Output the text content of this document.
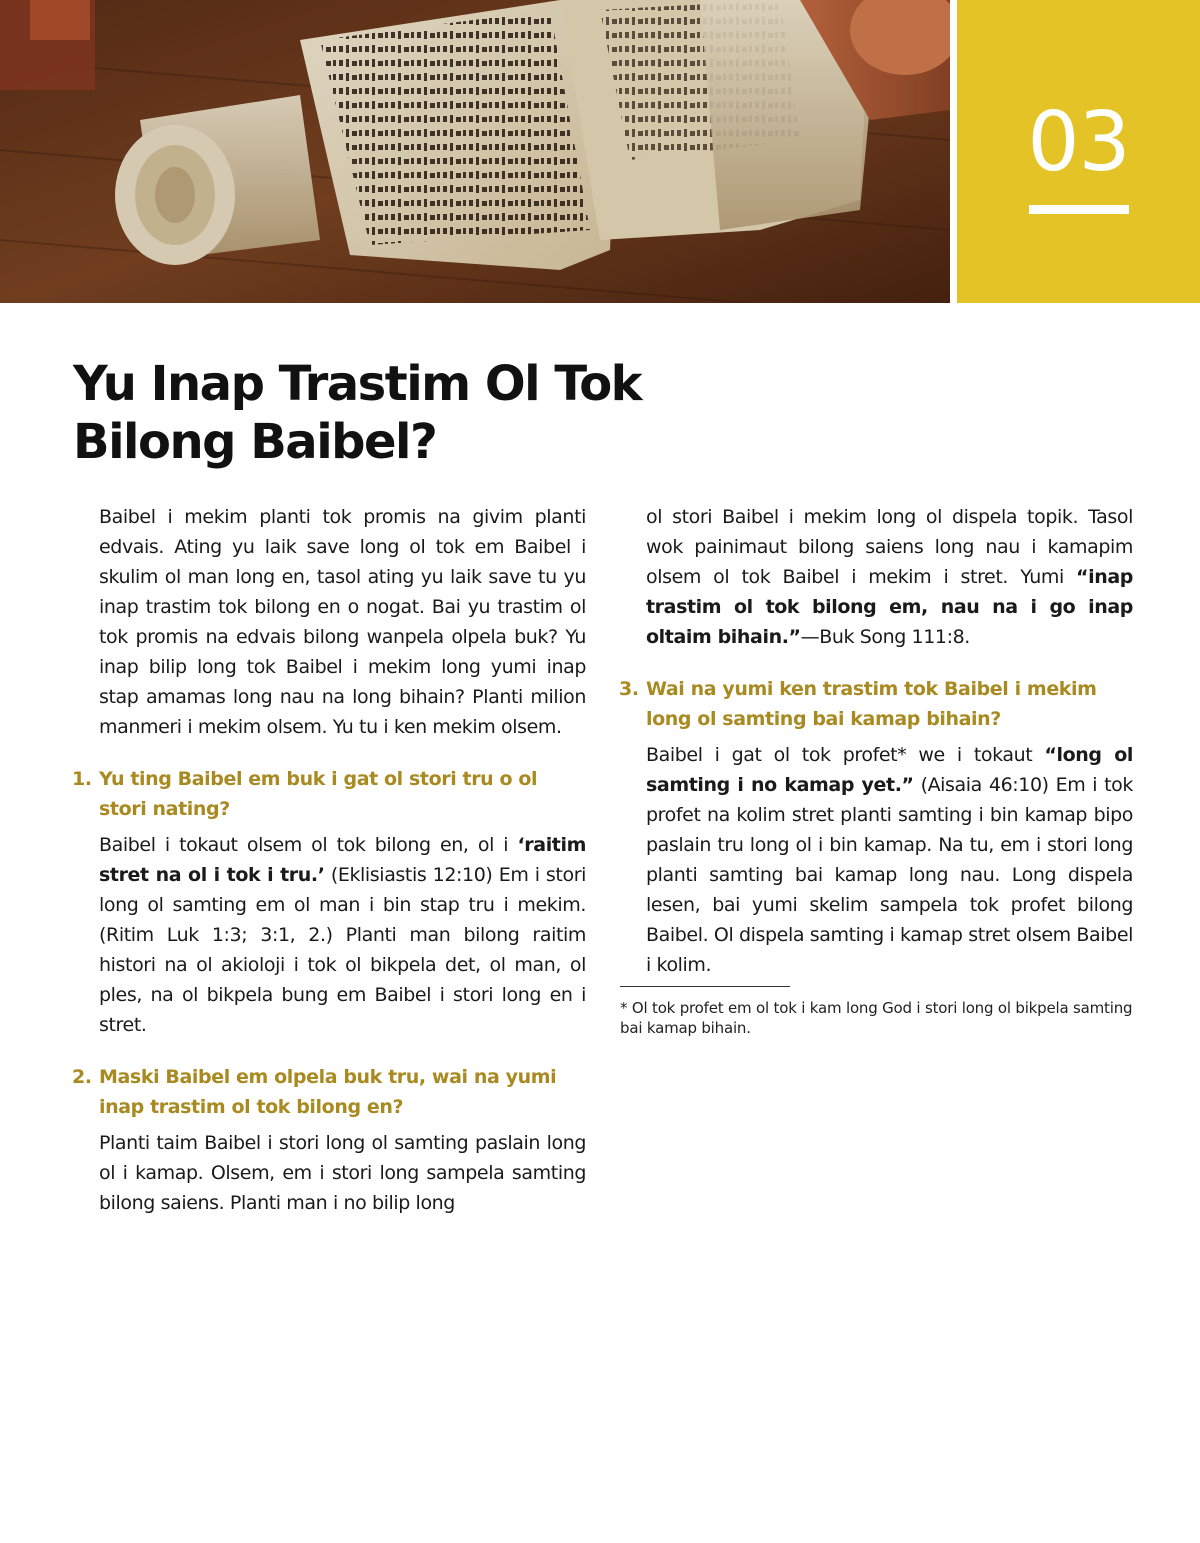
03
Yu Inap Trastim Ol Tok Bilong Baibel?

Baibel i mekim planti tok promis na givim planti edvais. Ating yu laik save long ol tok em Baibel i skulim ol man long en, tasol ating yu laik save tu yu inap trastim tok bilong en o nogat. Bai yu trastim ol tok promis na edvais bilong wanpela olpela buk? Yu inap bilip long tok Baibel i mekim long yumi inap stap amamas long nau na long bihain? Planti milion manmeri i mekim olsem. Yu tu i ken mekim olsem.

1. Yu ting Baibel em buk i gat ol stori tru o ol stori nating?

Baibel i tokaut olsem ol tok bilong en, ol i ‘raitim stret na ol i tok i tru.’ (Eklisiastis 12:10) Em i stori long ol samting em ol man i bin stap tru i mekim. (Ritim Luk 1:3; 3:1, 2.) Planti man bilong raitim histori na ol akioloji i tok ol bikpela det, ol man, ol ples, na ol bikpela bung em Baibel i stori long en i stret.

2. Maski Baibel em olpela buk tru, wai na yumi inap trastim ol tok bilong en?

Planti taim Baibel i stori long ol samting paslain long ol i kamap. Olsem, em i stori long sampela samting bilong saiens. Planti man i no bilip long

ol stori Baibel i mekim long ol dispela topik. Tasol wok painimaut bilong saiens long nau i kamapim olsem ol tok Baibel i mekim i stret. Yumi “inap trastim ol tok bilong em, nau na i go inap oltaim bihain.”—Buk Song 111:8.

3. Wai na yumi ken trastim tok Baibel i mekim long ol samting bai kamap bihain?

Baibel i gat ol tok profet* we i tokaut “long ol samting i no kamap yet.” (Aisaia 46:10) Em i tok profet na kolim stret planti samting i bin kamap bipo paslain tru long ol i bin kamap. Na tu, em i stori long planti samting bai kamap long nau. Long dispela lesen, bai yumi skelim sampela tok profet bilong Baibel. Ol dispela samting i kamap stret olsem Baibel i kolim.

* Ol tok profet em ol tok i kam long God i stori long ol bikpela samting bai kamap bihain.
